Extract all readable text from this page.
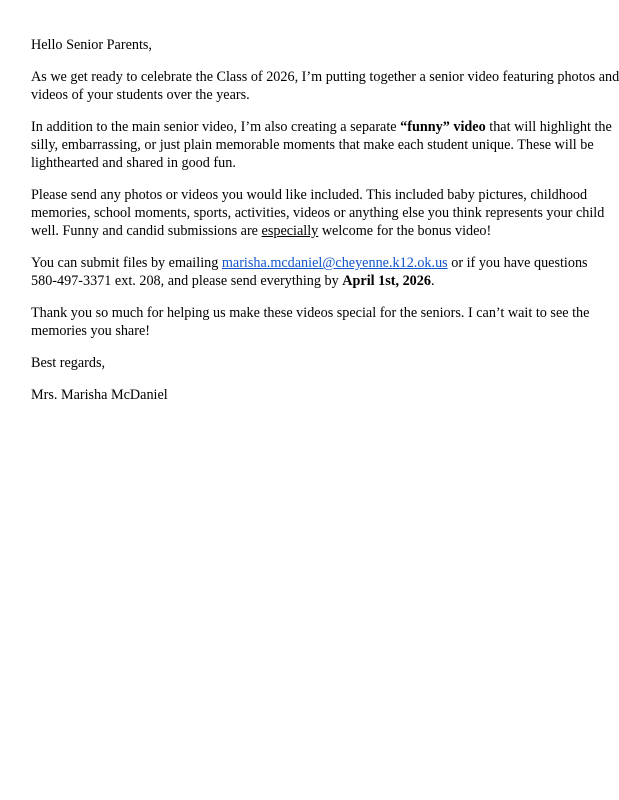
Hello Senior Parents,

As we get ready to celebrate the Class of 2026, I’m putting together a senior video featuring photos and
videos of your students over the years.

In addition to the main senior video, I’m also creating a separate “funny” video that will highlight the
silly, embarrassing, or just plain memorable moments that make each student unique. These will be
lighthearted and shared in good fun.

Please send any photos or videos you would like included. This included baby pictures, childhood
memories, school moments, sports, activities, videos or anything else you think represents your child
well. Funny and candid submissions are especially welcome for the bonus video!

You can submit files by emailing marisha.mcdaniel@cheyenne.k12.ok.us or if you have questions
580-497-3371 ext. 208, and please send everything by April 1st, 2026.

Thank you so much for helping us make these videos special for the seniors. I can’t wait to see the
memories you share!

Best regards,

Mrs. Marisha McDaniel
